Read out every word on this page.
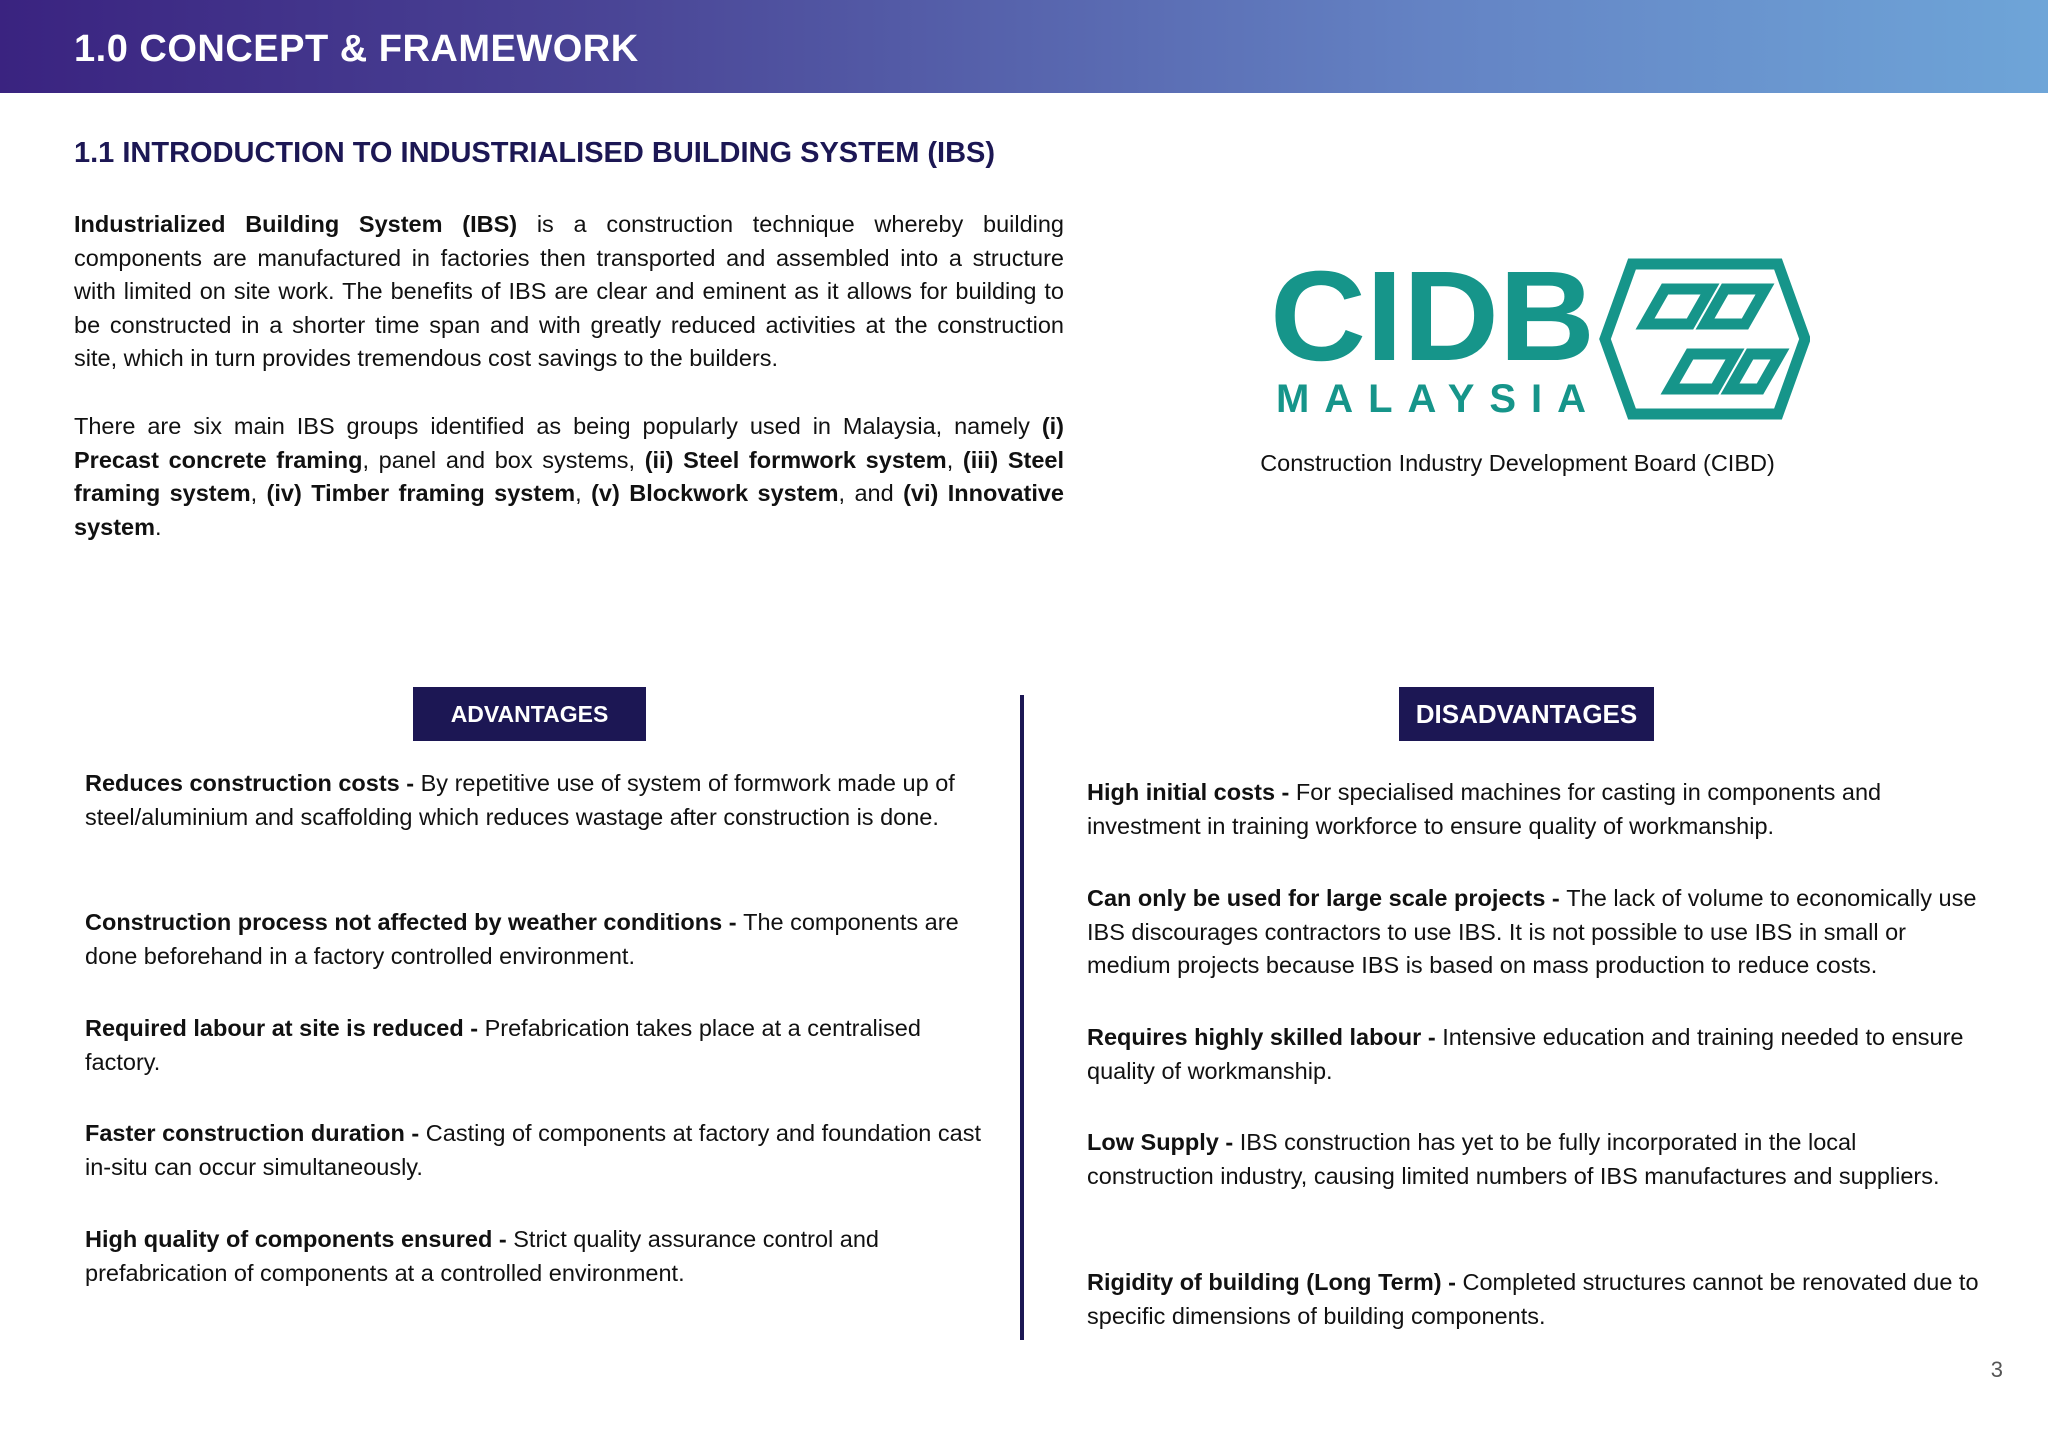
1.0 CONCEPT & FRAMEWORK
1.1 INTRODUCTION TO INDUSTRIALISED BUILDING SYSTEM (IBS)

Industrialized Building System (IBS) is a construction technique whereby building components are manufactured in factories then transported and assembled into a structure with limited on site work. The benefits of IBS are clear and eminent as it allows for building to be constructed in a shorter time span and with greatly reduced activities at the construction site, which in turn provides tremendous cost savings to the builders.

There are six main IBS groups identified as being popularly used in Malaysia, namely (i) Precast concrete framing, panel and box systems, (ii) Steel formwork system, (iii) Steel framing system, (iv) Timber framing system, (v) Blockwork system, and (vi) Innovative system.

CIDB
MALAYSIA
Construction Industry Development Board (CIBD)
ADVANTAGES	DISADVANTAGES

Reduces construction costs - By repetitive use of system of formwork made up of steel/aluminium and scaffolding which reduces wastage after construction is done.

Construction process not affected by weather conditions - The components are done beforehand in a factory controlled environment.

Required labour at site is reduced - Prefabrication takes place at a centralised factory.

Faster construction duration - Casting of components at factory and foundation cast in-situ can occur simultaneously.

High quality of components ensured - Strict quality assurance control and prefabrication of components at a controlled environment.

High initial costs - For specialised machines for casting in components and investment in training workforce to ensure quality of workmanship.

Can only be used for large scale projects - The lack of volume to economically use IBS discourages contractors to use IBS. It is not possible to use IBS in small or medium projects because IBS is based on mass production to reduce costs.

Requires highly skilled labour - Intensive education and training needed to ensure quality of workmanship.

Low Supply - IBS construction has yet to be fully incorporated in the local construction industry, causing limited numbers of IBS manufactures and suppliers.

Rigidity of building (Long Term) - Completed structures cannot be renovated due to specific dimensions of building components.

3
